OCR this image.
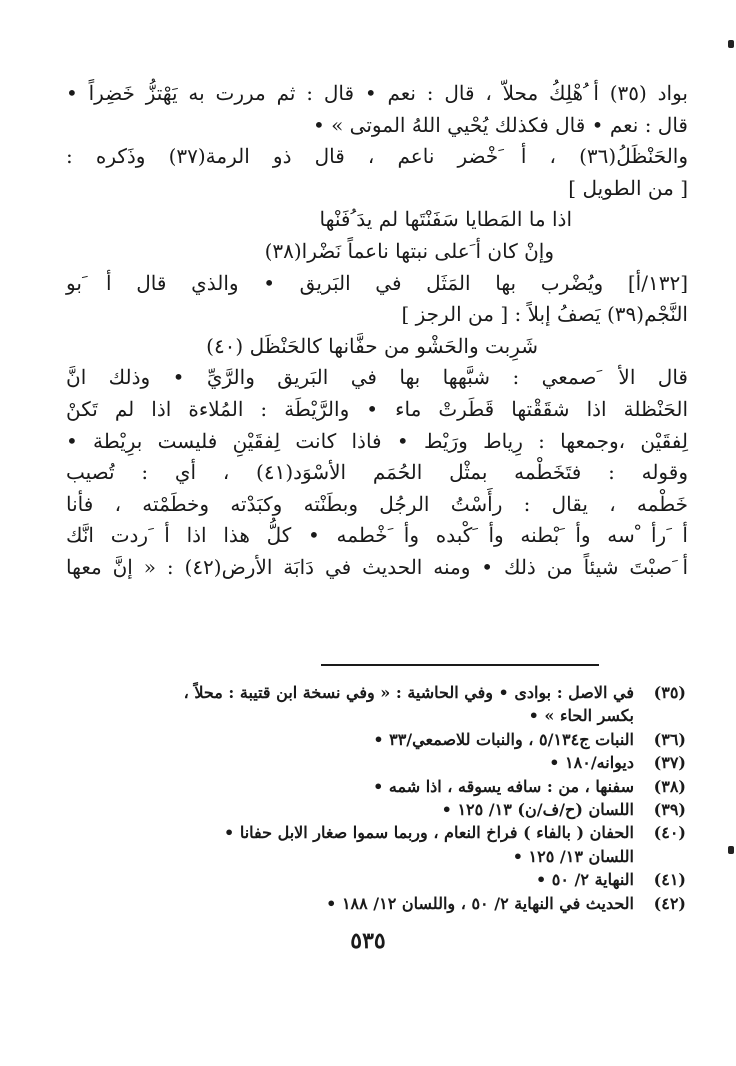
بواد (٣٥) أ ُهْلِكُ محلاّ ، قال : نعم • قال : ثم مررت به يَهْتزُّ خَضِراً •
قال : نعم • قال فكذلك يُحْيي اللهُ الموتى » •
والحَنْظَلُ(٣٦) ، أ َخْضر ناعم ، قال ذو الرمة(٣٧) وذَكره :
[ من الطويل ]
اذا ما المَطايا سَفَنْتَها لم يدَ ُفَنْها
وإنْ كان أ َعلى نبتها ناعماً نَضْرا(٣٨)
[١٣٢/أ] ويُضْرب بها المَثَل في البَريق • والذي قال أ َبو
النَّجْم(٣٩) يَصفُ إبلاً : [ من الرجز ]
شَرِبت والحَشْو من حفَّانها كالحَنْظَل (٤٠)
قال الأ َصمعي : شبَّهها بها في البَريق والرَّيِّ • وذلك انَّ
الحَنْظلة اذا شقَقْتها قَطَرتْ ماء • والرَّيْطَة : المُلاءة اذا لم تَكنْ
لِفقَيْن ،وجمعها : رِياط ورَيْط • فاذا كانت لِفقَيْنِ فليست برِيْطة •
وقوله : فتَخَطْمه بمثْل الحُمَم الأسْوَد(٤١) ، أي : تُصيب
خَطْمه ، يقال : رأَسْتُ الرجُل وبطَنْته وكبَدْته وخطَمْته ، فأنا
أ َرأ ْسه وأ َبْطنه وأ َكْبده وأ َخْطمه • كلُّ هذا اذا أ َردت انَّك
أ َصبْتَ شيئاً من ذلك • ومنه الحديث في دَابَة الأرض(٤٢) : « إنَّ معها
(٣٥)
في الاصل : بوادى • وفي الحاشية : « وفي نسخة ابن قتيبة : محلاً ،
بكسر الحاء » •
(٣٦)
النبات ج٥/١٣٤ ، والنبات للاصمعي/٣٣ •
(٣٧)
ديوانه/١٨٠ •
(٣٨)
سفنها ، من : سافه يسوقه ، اذا شمه •
(٣٩)
اللسان (ح/ف/ن) ١٣/ ١٢٥ •
(٤٠)
الحفان ( بالفاء ) فراخ النعام ، وربما سموا صغار الابل حفانا •
اللسان ١٣/ ١٢٥ •
(٤١)
النهاية ٢/ ٥٠ •
(٤٢)
الحديث في النهاية ٢/ ٥٠ ، واللسان ١٢/ ١٨٨ •
٥٣٥
